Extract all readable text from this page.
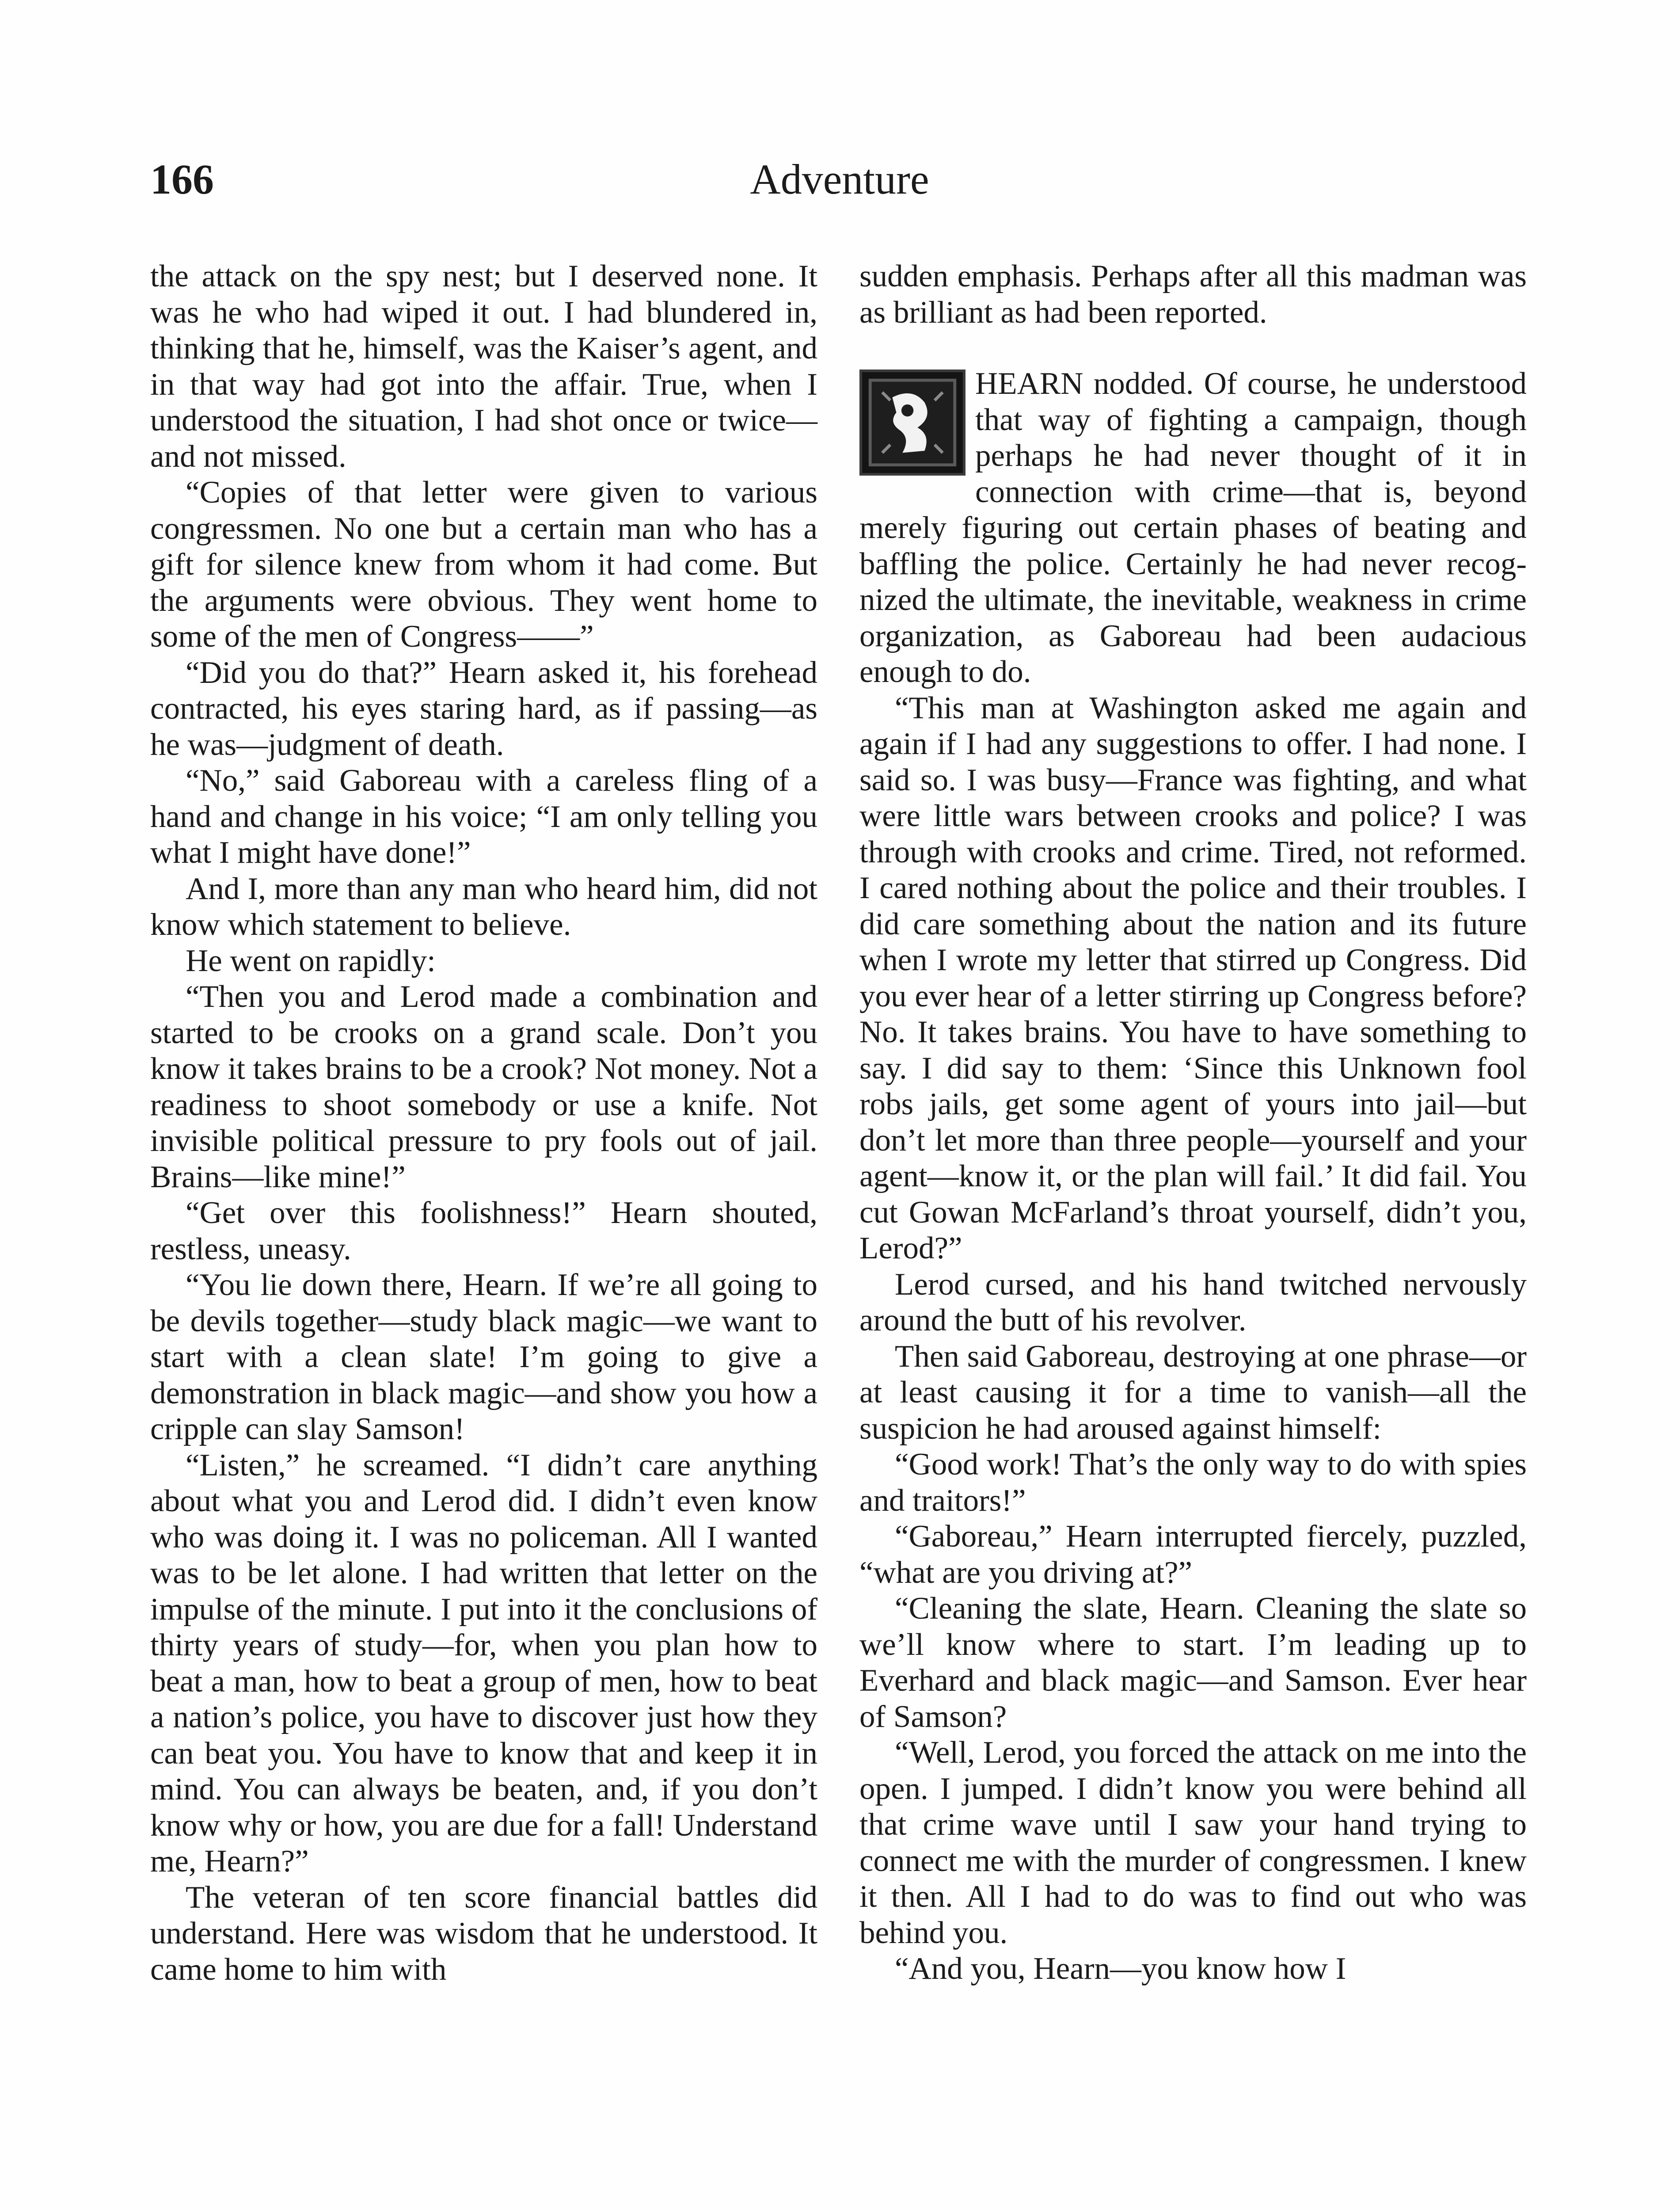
Adventure
166

the attack on the spy nest; but I deserved none. It was he who had wiped it out. I had blundered in, thinking that he, himself, was the Kaiser’s agent, and in that way had got into the affair. True, when I understood the situation, I had shot once or twice—and not missed.

“Copies of that letter were given to various congressmen. No one but a certain man who has a gift for silence knew from whom it had come. But the arguments were obvious. They went home to some of the men of Congress——”

“Did you do that?” Hearn asked it, his forehead contracted, his eyes staring hard, as if passing—as he was—judgment of death.

“No,” said Gaboreau with a careless fling of a hand and change in his voice; “I am only telling you what I might have done!”

And I, more than any man who heard him, did not know which statement to believe.

He went on rapidly:

“Then you and Lerod made a combination and started to be crooks on a grand scale. Don’t you know it takes brains to be a crook? Not money. Not a readiness to shoot somebody or use a knife. Not invisible political pressure to pry fools out of jail. Brains—like mine!”

“Get over this foolishness!” Hearn shouted, restless, uneasy.

“You lie down there, Hearn. If we’re all going to be devils together—study black magic—we want to start with a clean slate! I’m going to give a demonstration in black magic—and show you how a cripple can slay Samson!

“Listen,” he screamed. “I didn’t care anything about what you and Lerod did. I didn’t even know who was doing it. I was no policeman. All I wanted was to be let alone. I had written that letter on the impulse of the minute. I put into it the conclusions of thirty years of study—for, when you plan how to beat a man, how to beat a group of men, how to beat a nation’s police, you have to discover just how they can beat you. You have to know that and keep it in mind. You can always be beaten, and, if you don’t know why or how, you are due for a fall! Understand me, Hearn?”

The veteran of ten score financial battles did understand. Here was wisdom that he understood. It came home to him with

sudden emphasis. Perhaps after all this madman was as brilliant as had been reported.

HEARN nodded. Of course, he understood that way of fighting a campaign, though perhaps he had never thought of it in connection with crime—that is, beyond merely figuring out certain phases of beating and baffling the police. Certainly he had never recognized the ultimate, the inevitable, weakness in crime organization, as Gaboreau had been audacious enough to do.

“This man at Washington asked me again and again if I had any suggestions to offer. I had none. I said so. I was busy—France was fighting, and what were little wars between crooks and police? I was through with crooks and crime. Tired, not reformed. I cared nothing about the police and their troubles. I did care something about the nation and its future when I wrote my letter that stirred up Congress. Did you ever hear of a letter stirring up Congress before? No. It takes brains. You have to have something to say. I did say to them: ‘Since this Unknown fool robs jails, get some agent of yours into jail—but don’t let more than three people—yourself and your agent—know it, or the plan will fail.’ It did fail. You cut Gowan McFarland’s throat yourself, didn’t you, Lerod?”

Lerod cursed, and his hand twitched nervously around the butt of his revolver.

Then said Gaboreau, destroying at one phrase—or at least causing it for a time to vanish—all the suspicion he had aroused against himself:

“Good work! That’s the only way to do with spies and traitors!”

“Gaboreau,” Hearn interrupted fiercely, puzzled, “what are you driving at?”

“Cleaning the slate, Hearn. Cleaning the slate so we’ll know where to start. I’m leading up to Everhard and black magic—and Samson. Ever hear of Samson?

“Well, Lerod, you forced the attack on me into the open. I jumped. I didn’t know you were behind all that crime wave until I saw your hand trying to connect me with the murder of congressmen. I knew it then. All I had to do was to find out who was behind you.

“And you, Hearn—you know how I
